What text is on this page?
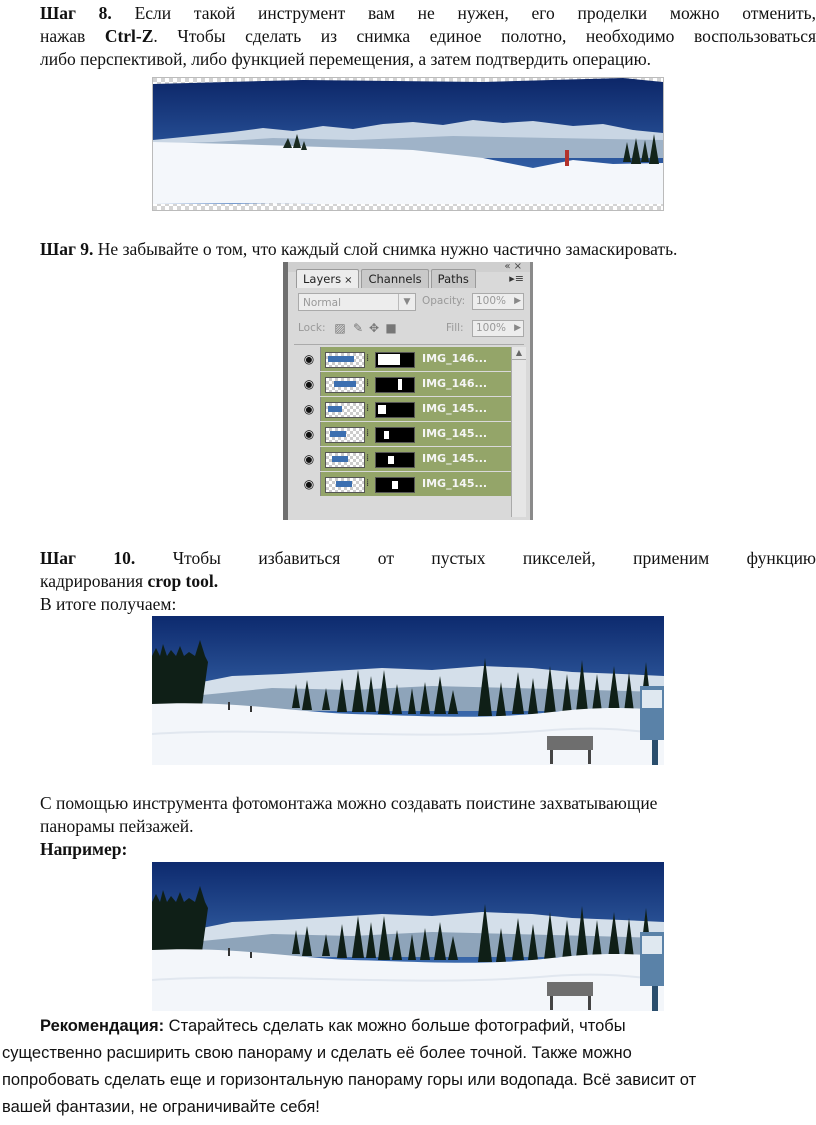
Шаг 8. Если такой инструмент вам не нужен, его проделки можно отменить,
нажав Ctrl-Z. Чтобы сделать из снимка единое полотно, необходимо воспользоваться
либо перспективой, либо функцией перемещения, а затем подтвердить операцию.
Шаг 9. Не забывайте о том, что каждый слой снимка нужно частично замаскировать.
« ×
Layers ×	Channels	Paths	▸≡
Normal	▼	Opacity:	100% ▶
Lock: ▨ ✎ ✥ ■	Fill:	100% ▶
◉	⁞	IMG_146...
◉	⁞	IMG_146...
◉	⁞	IMG_145...
◉	⁞	IMG_145...
◉	⁞	IMG_145...
◉	⁞	IMG_145...
▲
Шаг 10. Чтобы избавиться от пустых пикселей, применим функцию
кадрирования crop tool.
В итоге получаем:
С помощью инструмента фотомонтажа можно создавать поистине захватывающие
панорамы пейзажей.
Например:
Рекомендация: Старайтесь сделать как можно больше фотографий, чтобы
существенно расширить свою панораму и сделать её более точной. Также можно
попробовать сделать еще и горизонтальную панораму горы или водопада. Всё зависит от
вашей фантазии, не ограничивайте себя!
